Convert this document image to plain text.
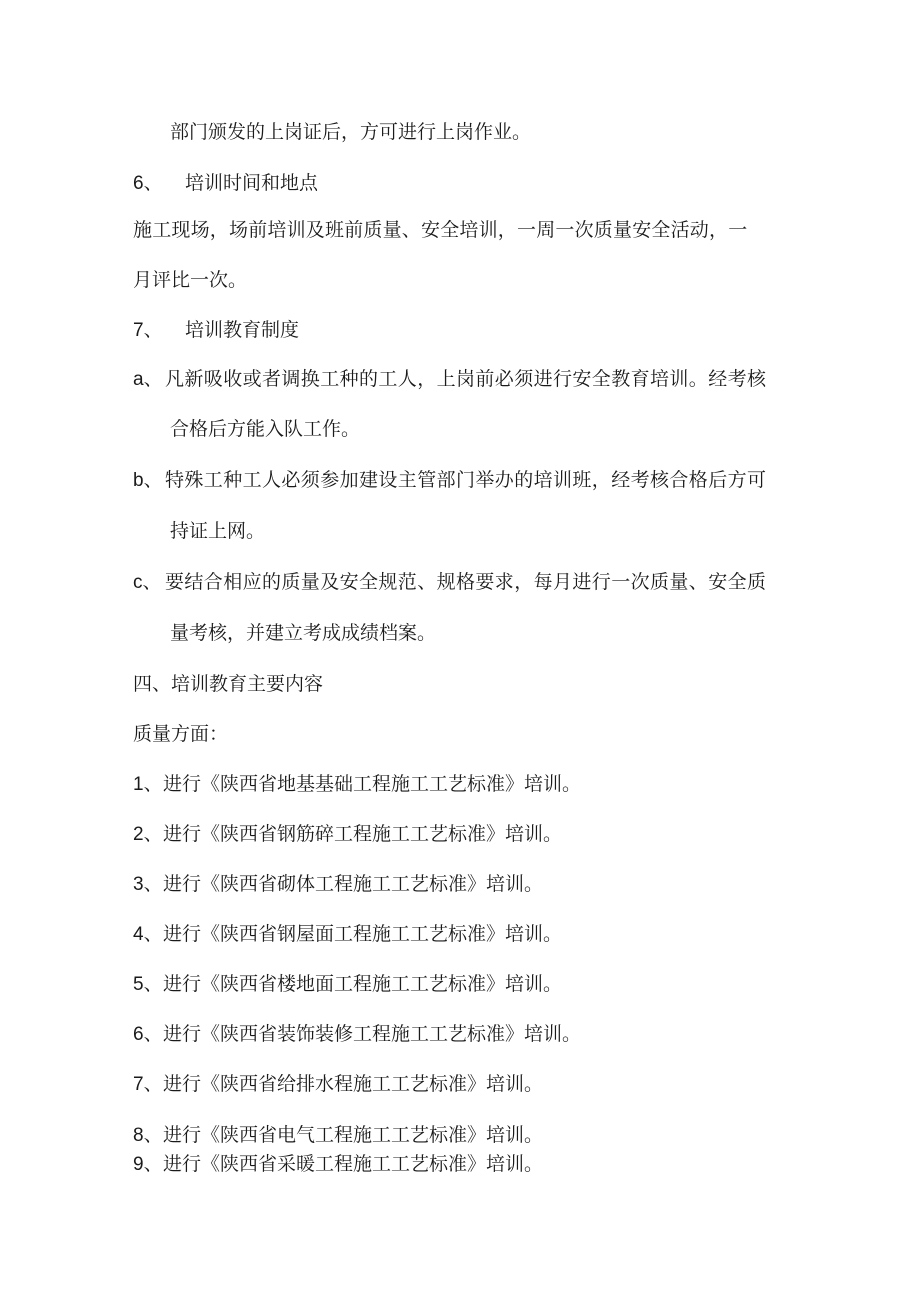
部门颁发的上岗证后，方可进行上岗作业。
6、 培训时间和地点
施工现场，场前培训及班前质量、安全培训，一周一次质量安全活动，一
月评比一次。
7、 培训教育制度
a、 凡新吸收或者调换工种的工人，上岗前必须进行安全教育培训。经考核
合格后方能入队工作。
b、 特殊工种工人必须参加建设主管部门举办的培训班，经考核合格后方可
持证上网。
c、 要结合相应的质量及安全规范、规格要求，每月进行一次质量、安全质
量考核，并建立考成成绩档案。
四、培训教育主要内容
质量方面：
1、进行《陕西省地基基础工程施工工艺标准》培训。
2、进行《陕西省钢筋碎工程施工工艺标准》培训。
3、进行《陕西省砌体工程施工工艺标准》培训。
4、进行《陕西省钢屋面工程施工工艺标准》培训。
5、进行《陕西省楼地面工程施工工艺标准》培训。
6、进行《陕西省装饰装修工程施工工艺标准》培训。
7、进行《陕西省给排水程施工工艺标准》培训。
8、进行《陕西省电气工程施工工艺标准》培训。
9、进行《陕西省采暖工程施工工艺标准》培训。
